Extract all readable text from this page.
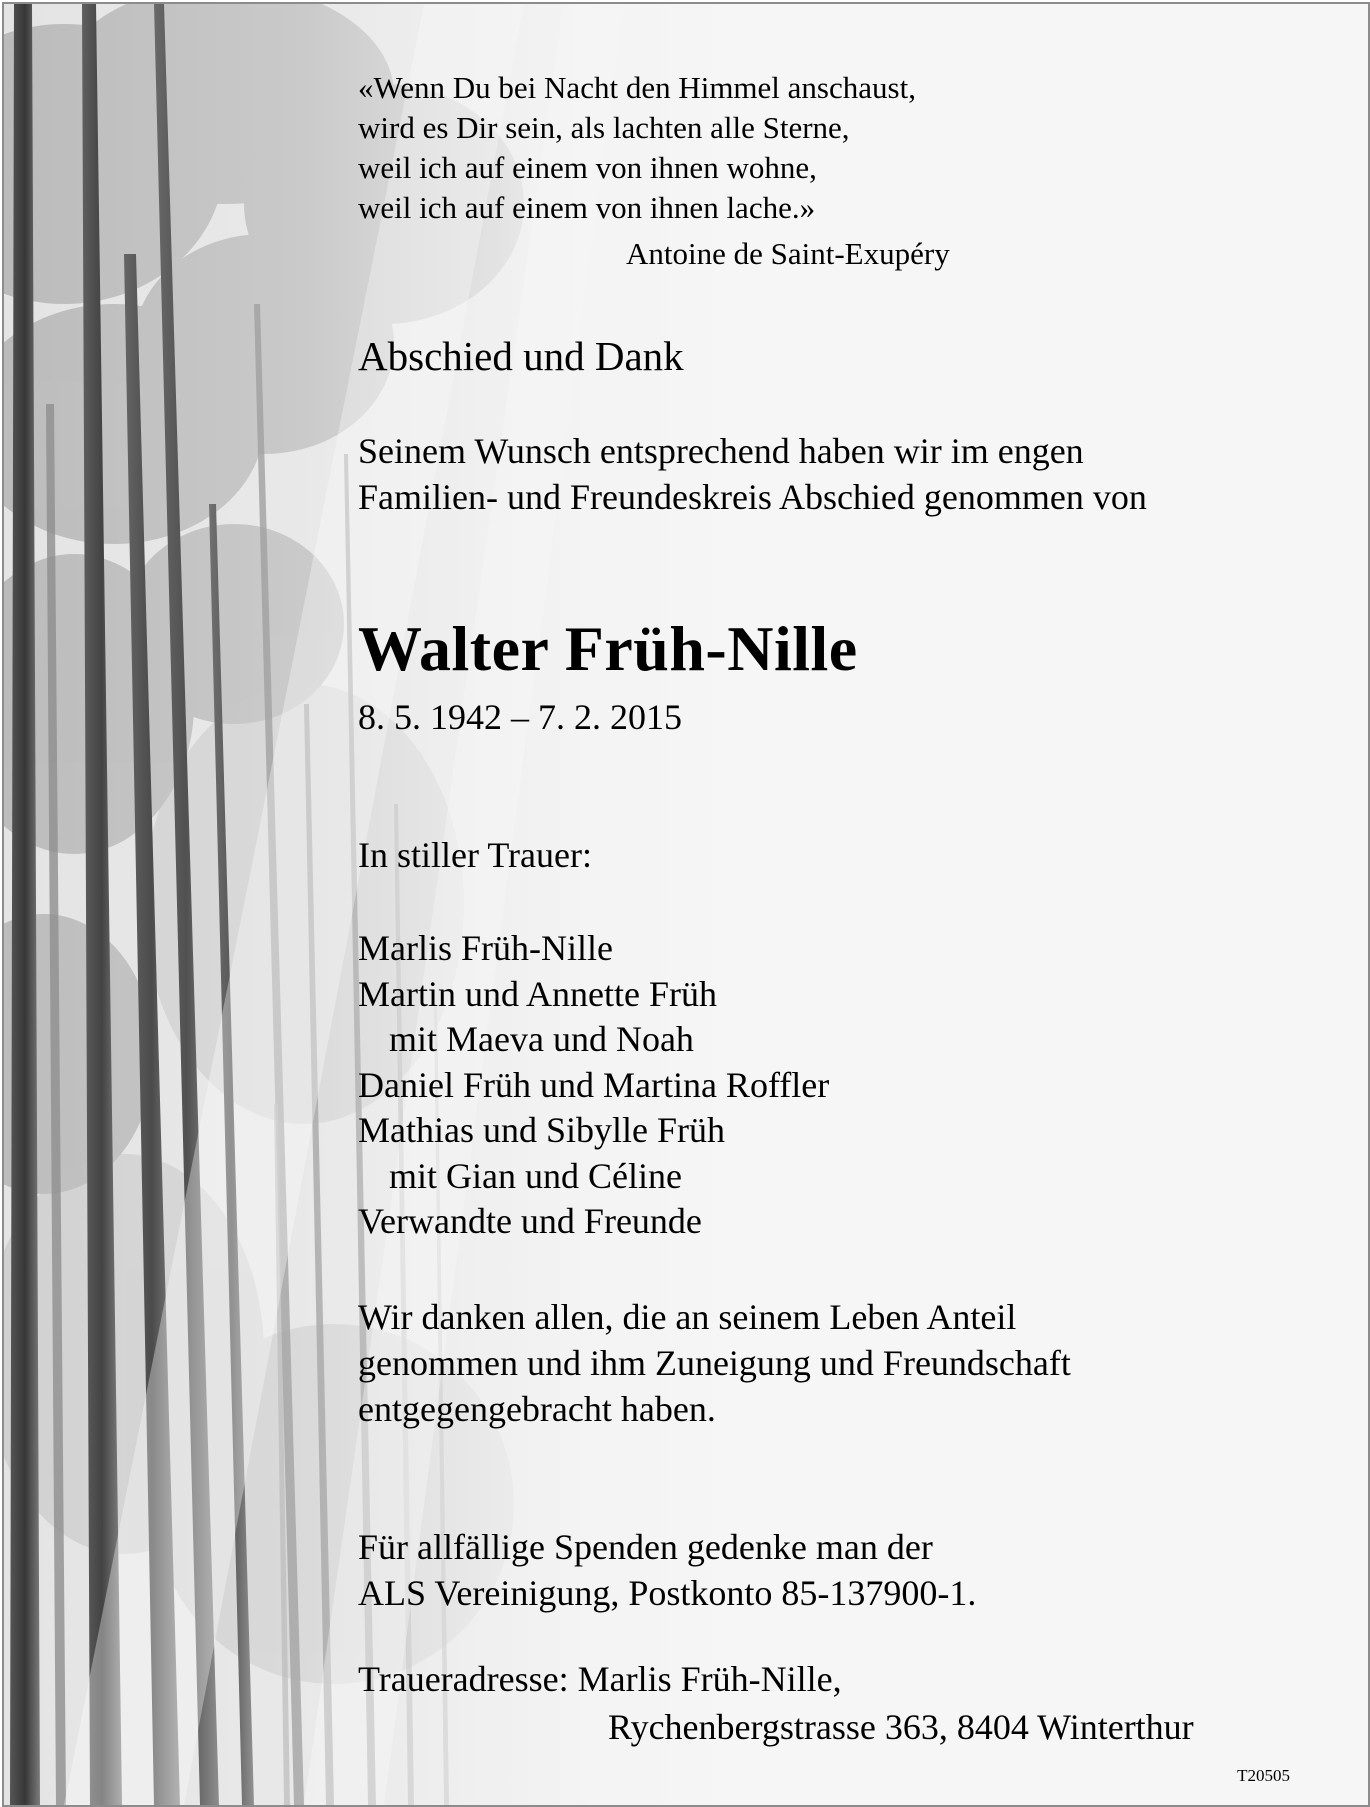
«Wenn Du bei Nacht den Himmel anschaust,
wird es Dir sein, als lachten alle Sterne,
weil ich auf einem von ihnen wohne,
weil ich auf einem von ihnen lache.»
Antoine de Saint-Exupéry
Abschied und Dank
Seinem Wunsch entsprechend haben wir im engen
Familien- und Freundeskreis Abschied genommen von
Walter Früh-Nille
8. 5. 1942 – 7. 2. 2015
In stiller Trauer:
Marlis Früh-Nille
Martin und Annette Früh
mit Maeva und Noah
Daniel Früh und Martina Roffler
Mathias und Sibylle Früh
mit Gian und Céline
Verwandte und Freunde
Wir danken allen, die an seinem Leben Anteil
genommen und ihm Zuneigung und Freundschaft
entgegengebracht haben.
Für allfällige Spenden gedenke man der
ALS Vereinigung, Postkonto 85-137900-1.
Traueradresse: Marlis Früh-Nille,
Rychenbergstrasse 363, 8404 Winterthur
T20505
